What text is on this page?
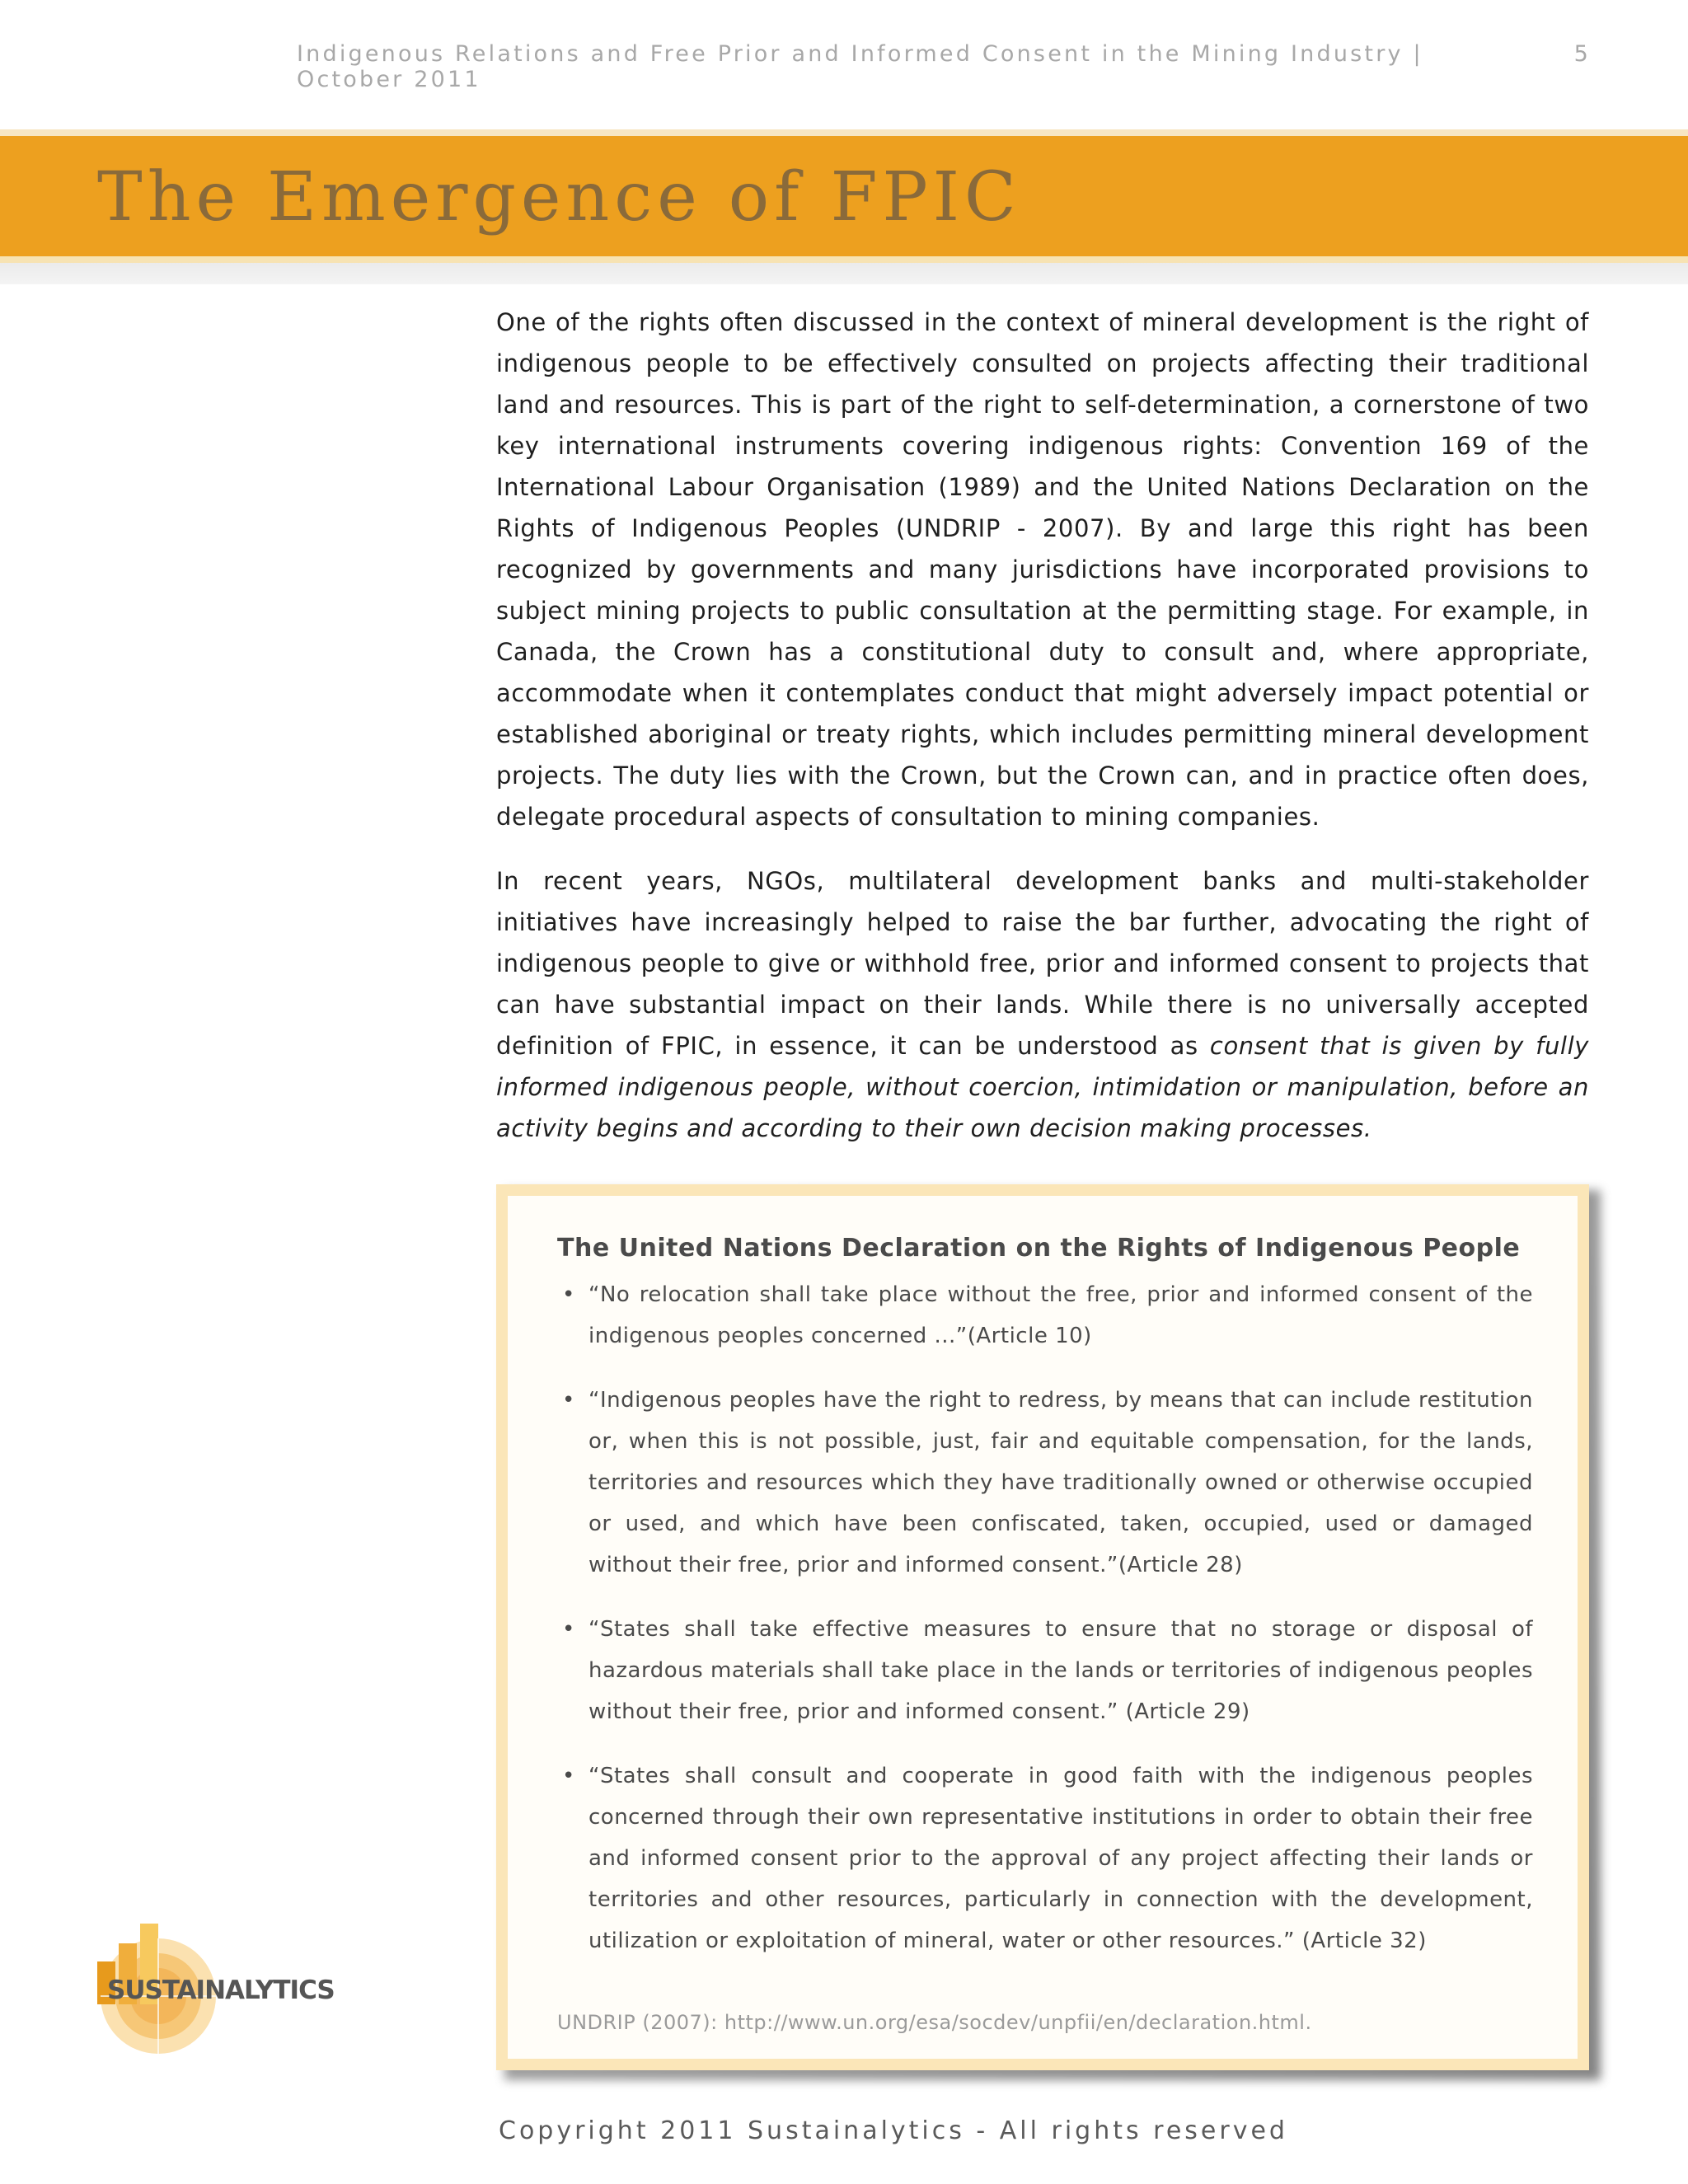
Indigenous Relations and Free Prior and Informed Consent in the Mining Industry | October 2011
5
The Emergence of FPIC

One of the rights often discussed in the context of mineral development is the right of indigenous people to be effectively consulted on projects affecting their traditional land and resources. This is part of the right to self-determination, a cornerstone of two key international instruments covering indigenous rights: Convention 169 of the International Labour Organisation (1989) and the United Nations Declaration on the Rights of Indigenous Peoples (UNDRIP - 2007). By and large this right has been recognized by governments and many jurisdictions have incorporated provisions to subject mining projects to public consultation at the permitting stage. For example, in Canada, the Crown has a constitutional duty to consult and, where appropriate, accommodate when it contemplates conduct that might adversely impact potential or established aboriginal or treaty rights, which includes permitting mineral development projects. The duty lies with the Crown, but the Crown can, and in practice often does, delegate procedural aspects of consultation to mining companies.

In recent years, NGOs, multilateral development banks and multi-stakeholder initiatives have increasingly helped to raise the bar further, advocating the right of indigenous people to give or withhold free, prior and informed consent to projects that can have substantial impact on their lands. While there is no universally accepted definition of FPIC, in essence, it can be understood as consent that is given by fully informed indigenous people, without coercion, intimidation or manipulation, before an activity begins and according to their own decision making processes.

The United Nations Declaration on the Rights of Indigenous People
• “No relocation shall take place without the free, prior and informed consent of the indigenous peoples concerned ...”(Article 10)
• “Indigenous peoples have the right to redress, by means that can include restitution or, when this is not possible, just, fair and equitable compensation, for the lands, territories and resources which they have traditionally owned or otherwise occupied or used, and which have been confiscated, taken, occupied, used or damaged without their free, prior and informed consent.”(Article 28)
• “States shall take effective measures to ensure that no storage or disposal of hazardous materials shall take place in the lands or territories of indigenous peoples without their free, prior and informed consent.” (Article 29)
• “States shall consult and cooperate in good faith with the indigenous peoples concerned through their own representative institutions in order to obtain their free and informed consent prior to the approval of any project affecting their lands or territories and other resources, particularly in connection with the development, utilization or exploitation of mineral, water or other resources.” (Article 32)
UNDRIP (2007): http://www.un.org/esa/socdev/unpfii/en/declaration.html.
SUSTAINALYTICS
Copyright 2011 Sustainalytics - All rights reserved
